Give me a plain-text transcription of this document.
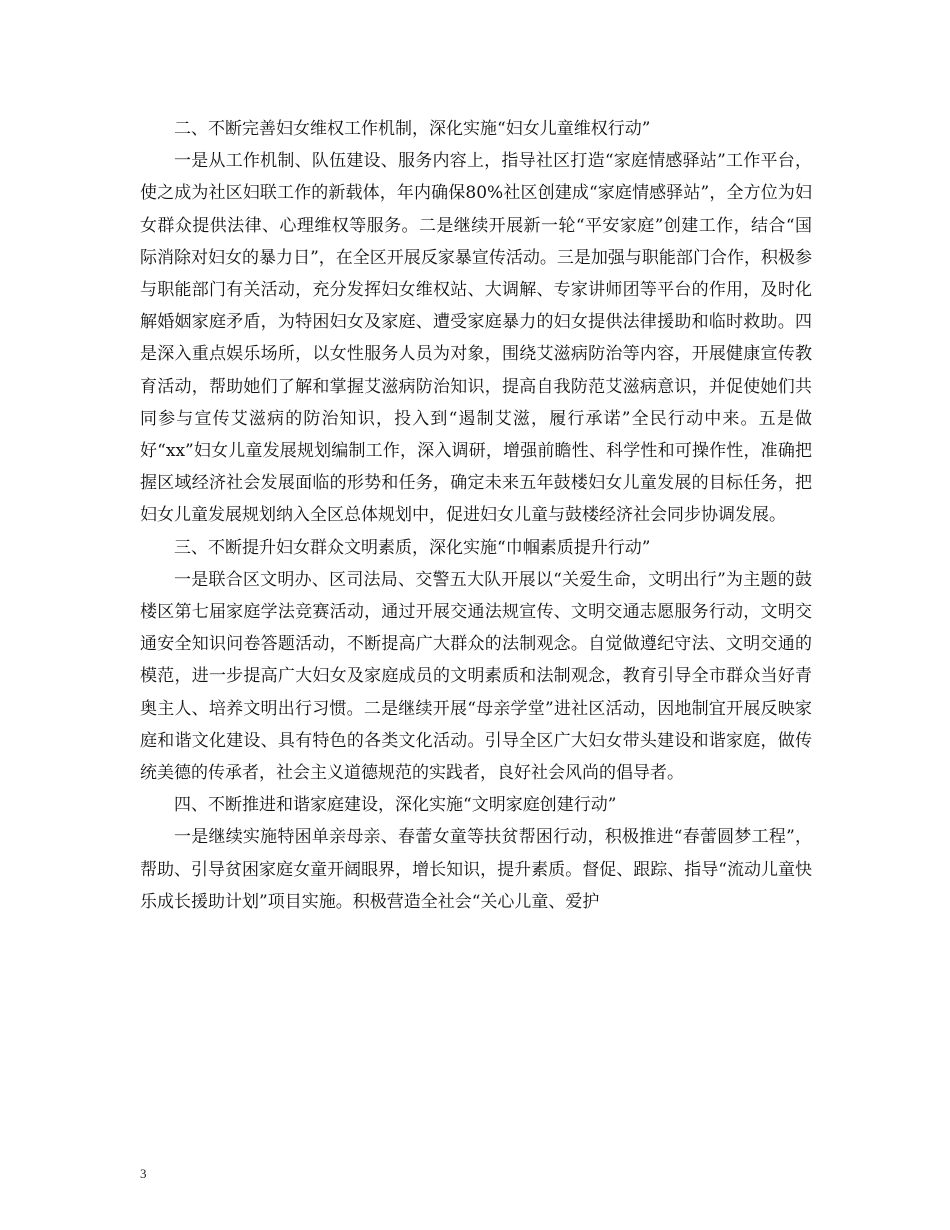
二、不断完善妇女维权工作机制，深化实施“妇女儿童维权行动”

一是从工作机制、队伍建设、服务内容上，指导社区打造“家庭情感驿站”工作平台，使之成为社区妇联工作的新载体，年内确保80%社区创建成“家庭情感驿站”，全方位为妇女群众提供法律、心理维权等服务。二是继续开展新一轮“平安家庭”创建工作，结合“国际消除对妇女的暴力日”，在全区开展反家暴宣传活动。三是加强与职能部门合作，积极参与职能部门有关活动，充分发挥妇女维权站、大调解、专家讲师团等平台的作用，及时化解婚姻家庭矛盾，为特困妇女及家庭、遭受家庭暴力的妇女提供法律援助和临时救助。四是深入重点娱乐场所，以女性服务人员为对象，围绕艾滋病防治等内容，开展健康宣传教育活动，帮助她们了解和掌握艾滋病防治知识，提高自我防范艾滋病意识，并促使她们共同参与宣传艾滋病的防治知识，投入到“遏制艾滋，履行承诺”全民行动中来。五是做好“xx”妇女儿童发展规划编制工作，深入调研，增强前瞻性、科学性和可操作性，准确把握区域经济社会发展面临的形势和任务，确定未来五年鼓楼妇女儿童发展的目标任务，把妇女儿童发展规划纳入全区总体规划中，促进妇女儿童与鼓楼经济社会同步协调发展。

三、不断提升妇女群众文明素质，深化实施“巾帼素质提升行动”

一是联合区文明办、区司法局、交警五大队开展以“关爱生命，文明出行”为主题的鼓楼区第七届家庭学法竞赛活动，通过开展交通法规宣传、文明交通志愿服务行动，文明交通安全知识问卷答题活动，不断提高广大群众的法制观念。自觉做遵纪守法、文明交通的模范，进一步提高广大妇女及家庭成员的文明素质和法制观念，教育引导全市群众当好青奥主人、培养文明出行习惯。二是继续开展“母亲学堂”进社区活动，因地制宜开展反映家庭和谐文化建设、具有特色的各类文化活动。引导全区广大妇女带头建设和谐家庭，做传统美德的传承者，社会主义道德规范的实践者，良好社会风尚的倡导者。

四、不断推进和谐家庭建设，深化实施“文明家庭创建行动”

一是继续实施特困单亲母亲、春蕾女童等扶贫帮困行动，积极推进“春蕾圆梦工程”，帮助、引导贫困家庭女童开阔眼界，增长知识，提升素质。督促、跟踪、指导“流动儿童快乐成长援助计划”项目实施。积极营造全社会“关心儿童、爱护

3
